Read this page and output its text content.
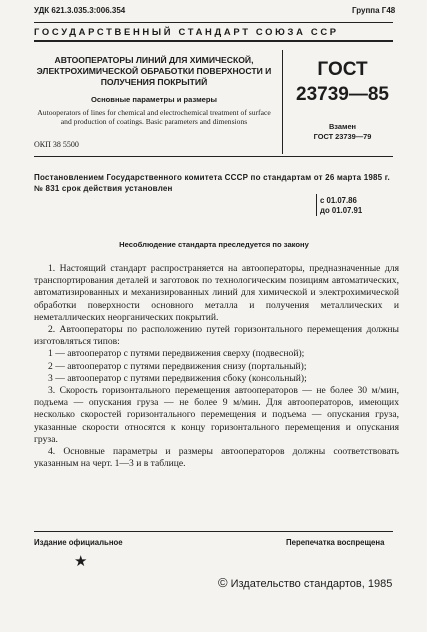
УДК 621.3.035.3:006.354	Группа Г48
ГОСУДАРСТВЕННЫЙ СТАНДАРТ СОЮЗА ССР
АВТООПЕРАТОРЫ ЛИНИЙ ДЛЯ ХИМИЧЕСКОЙ, ЭЛЕКТРОХИМИЧЕСКОЙ ОБРАБОТКИ ПОВЕРХНОСТИ И ПОЛУЧЕНИЯ ПОКРЫТИЙ
Основные параметры и размеры
Autooperators of lines for chemical and electrochemical treatment of surface and production of coatings. Basic parameters and dimensions
ОКП 38 5500
ГОСТ
23739—85
Взамен
ГОСТ 23739—79
Постановлением Государственного комитета СССР по стандартам от 26 марта 1985 г. № 831 срок действия установлен
с 01.07.86
до 01.07.91
Несоблюдение стандарта преследуется по закону

1. Настоящий стандарт распространяется на автооператоры, предназначенные для транспортирования деталей и заготовок по технологическим позициям автоматических, автоматизированных и механизированных линий для химической и электрохимической обработки поверхности основного металла и получения металлических и неметаллических неорганических покрытий.

2. Автооператоры по расположению путей горизонтального перемещения должны изготовляться типов:

1 — автооператор с путями передвижения сверху (подвесной);

2 — автооператор с путями передвижения снизу (портальный);

3 — автооператор с путями передвижения сбоку (консольный);

3. Скорость горизонтального перемещения автооператоров — не более 30 м/мин, подъема — опускания груза — не более 9 м/мин. Для автооператоров, имеющих несколько скоростей горизонтального перемещения и подъема — опускания груза, указанные скорости относятся к концу горизонтального перемещения и опускания груза.

4. Основные параметры и размеры автооператоров должны соответствовать указанным на черт. 1—3 и в таблице.

Издание официальное	Перепечатка воспрещена
★
© Издательство стандартов, 1985
